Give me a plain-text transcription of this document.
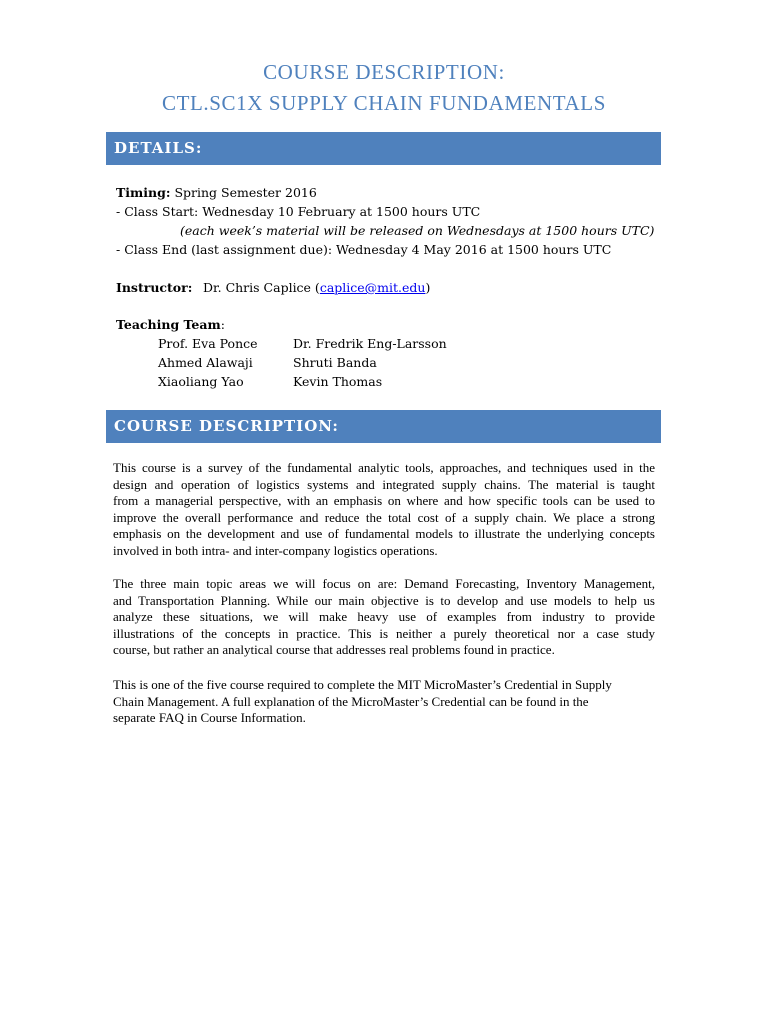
COURSE DESCRIPTION:
CTL.SC1X SUPPLY CHAIN FUNDAMENTALS
DETAILS:
Timing: Spring Semester 2016
- Class Start: Wednesday 10 February at 1500 hours UTC
(each week’s material will be released on Wednesdays at 1500 hours UTC)
- Class End (last assignment due): Wednesday 4 May 2016 at 1500 hours UTC
Instructor: Dr. Chris Caplice (caplice@mit.edu)
Teaching Team:
Prof. Eva Ponce	Dr. Fredrik Eng-Larsson
Ahmed Alawaji	Shruti Banda
Xiaoliang Yao	Kevin Thomas
COURSE DESCRIPTION:
This course is a survey of the fundamental analytic tools, approaches, and techniques used in the
design and operation of logistics systems and integrated supply chains. The material is taught
from a managerial perspective, with an emphasis on where and how specific tools can be used to
improve the overall performance and reduce the total cost of a supply chain. We place a strong
emphasis on the development and use of fundamental models to illustrate the underlying concepts
involved in both intra- and inter-company logistics operations.
The three main topic areas we will focus on are: Demand Forecasting, Inventory Management,
and Transportation Planning. While our main objective is to develop and use models to help us
analyze these situations, we will make heavy use of examples from industry to provide
illustrations of the concepts in practice. This is neither a purely theoretical nor a case study
course, but rather an analytical course that addresses real problems found in practice.
This is one of the five course required to complete the MIT MicroMaster’s Credential in Supply
Chain Management. A full explanation of the MicroMaster’s Credential can be found in the
separate FAQ in Course Information.
